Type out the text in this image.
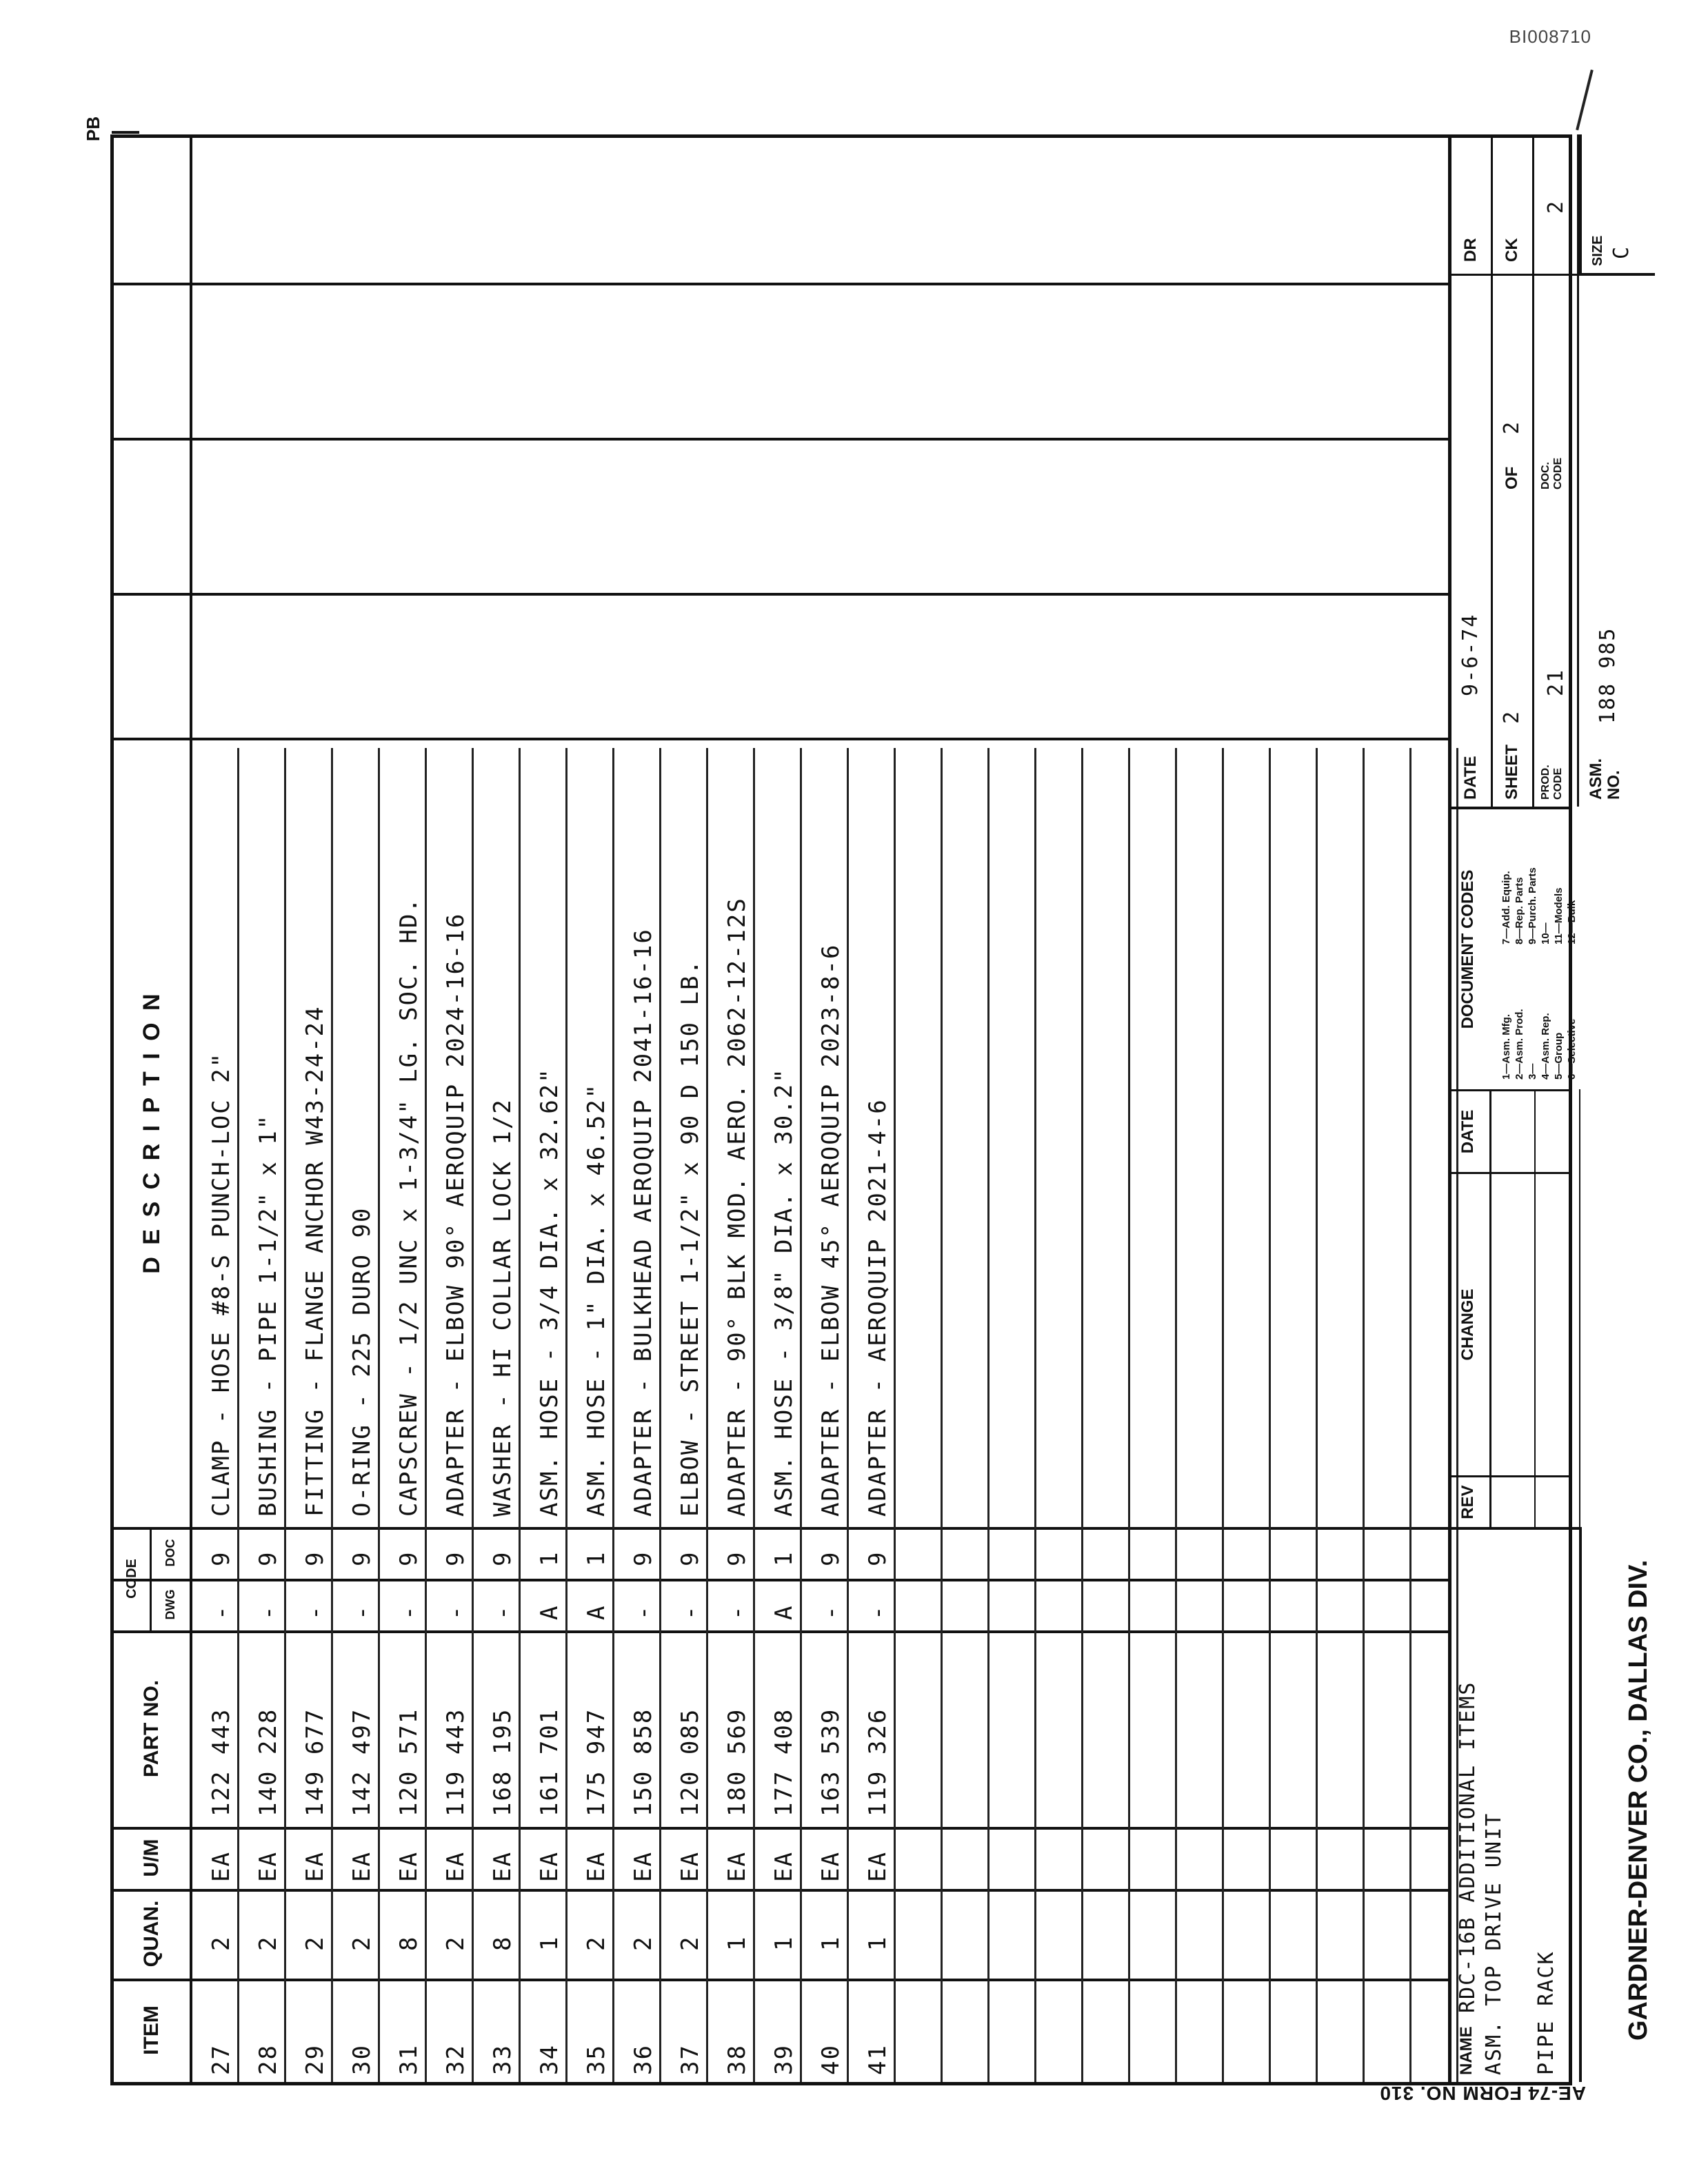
BI008710
PB
AE-74 FORM NO. 310
ITEM
QUAN.
U/M
PART NO.
CODE
DWG
DOC
D E S C R I P T I O N
27
2
EA
122 443
-
9
CLAMP - HOSE #8-S PUNCH-LOC 2"
28
2
EA
140 228
-
9
BUSHING - PIPE 1-1/2" x 1"
29
2
EA
149 677
-
9
FITTING - FLANGE ANCHOR W43-24-24
30
2
EA
142 497
-
9
O-RING - 225 DURO 90
31
8
EA
120 571
-
9
CAPSCREW - 1/2 UNC x 1-3/4" LG. SOC. HD.
32
2
EA
119 443
-
9
ADAPTER - ELBOW 90° AEROQUIP 2024-16-16
33
8
EA
168 195
-
9
WASHER - HI COLLAR LOCK 1/2
34
1
EA
161 701
A
1
ASM. HOSE - 3/4 DIA. x 32.62"
35
2
EA
175 947
A
1
ASM. HOSE - 1" DIA. x 46.52"
36
2
EA
150 858
-
9
ADAPTER - BULKHEAD AEROQUIP 2041-16-16
37
2
EA
120 085
-
9
ELBOW - STREET 1-1/2" x 90 D 150 LB.
38
1
EA
180 569
-
9
ADAPTER - 90° BLK MOD. AERO. 2062-12-12S
39
1
EA
177 408
A
1
ASM. HOSE - 3/8" DIA. x 30.2"
40
1
EA
163 539
-
9
ADAPTER - ELBOW 45° AEROQUIP 2023-8-6
41
1
EA
119 326
-
9
ADAPTER - AEROQUIP 2021-4-6
NAME
RDC-16B ADDITIONAL ITEMS ASM. TOP DRIVE UNIT PIPE RACK	GARDNER-DENVER CO., DALLAS DIV.
REV
CHANGE
DATE
DOCUMENT CODES
1—Asm. Mfg. 2—Asm. Prod. 3— 4—Asm. Rep. 5—Group 6—Selective
7—Add. Equip. 8—Rep. Parts 9—Purch. Parts 10— 11—Models 12—Bulk
DATE
9-6-74
DR
SHEET
2
OF
2
CK
PROD. CODE
21
DOC. CODE
2
ASM. NO.
188 985
SIZE C
